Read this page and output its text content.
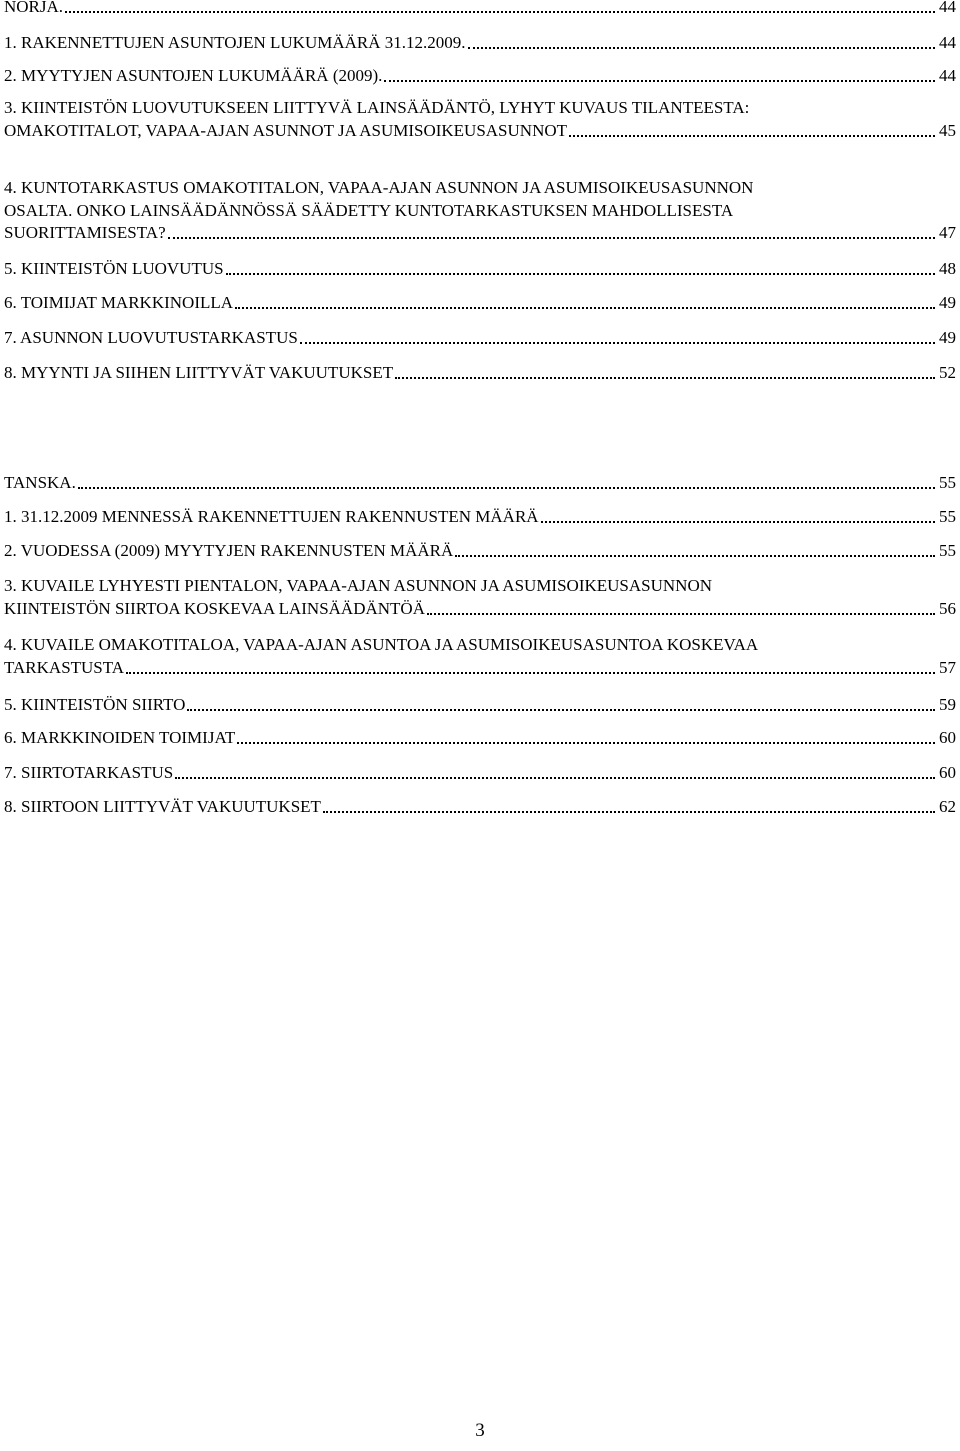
NORJA.	44
1. RAKENNETTUJEN ASUNTOJEN LUKUMÄÄRÄ 31.12.2009.	44
2. MYYTYJEN ASUNTOJEN LUKUMÄÄRÄ (2009).	44
3. KIINTEISTÖN LUOVUTUKSEEN LIITTYVÄ LAINSÄÄDÄNTÖ, LYHYT KUVAUS TILANTEESTA:
OMAKOTITALOT, VAPAA-AJAN ASUNNOT JA ASUMISOIKEUSASUNNOT	45
4. KUNTOTARKASTUS OMAKOTITALON, VAPAA-AJAN ASUNNON JA ASUMISOIKEUSASUNNON
OSALTA. ONKO LAINSÄÄDÄNNÖSSÄ SÄÄDETTY KUNTOTARKASTUKSEN MAHDOLLISESTA
SUORITTAMISESTA?	47
5. KIINTEISTÖN LUOVUTUS	48
6. TOIMIJAT MARKKINOILLA	49
7. ASUNNON LUOVUTUSTARKASTUS	49
8. MYYNTI JA SIIHEN LIITTYVÄT VAKUUTUKSET	52
TANSKA.	55
1. 31.12.2009 MENNESSÄ RAKENNETTUJEN RAKENNUSTEN MÄÄRÄ	55
2. VUODESSA (2009) MYYTYJEN RAKENNUSTEN MÄÄRÄ	55
3. KUVAILE LYHYESTI PIENTALON, VAPAA-AJAN ASUNNON JA ASUMISOIKEUSASUNNON
KIINTEISTÖN SIIRTOA KOSKEVAA LAINSÄÄDÄNTÖÄ	56
4. KUVAILE OMAKOTITALOA, VAPAA-AJAN ASUNTOA JA ASUMISOIKEUSASUNTOA KOSKEVAA
TARKASTUSTA	57
5. KIINTEISTÖN SIIRTO	59
6. MARKKINOIDEN TOIMIJAT	60
7. SIIRTOTARKASTUS	60
8. SIIRTOON LIITTYVÄT VAKUUTUKSET	62
3
